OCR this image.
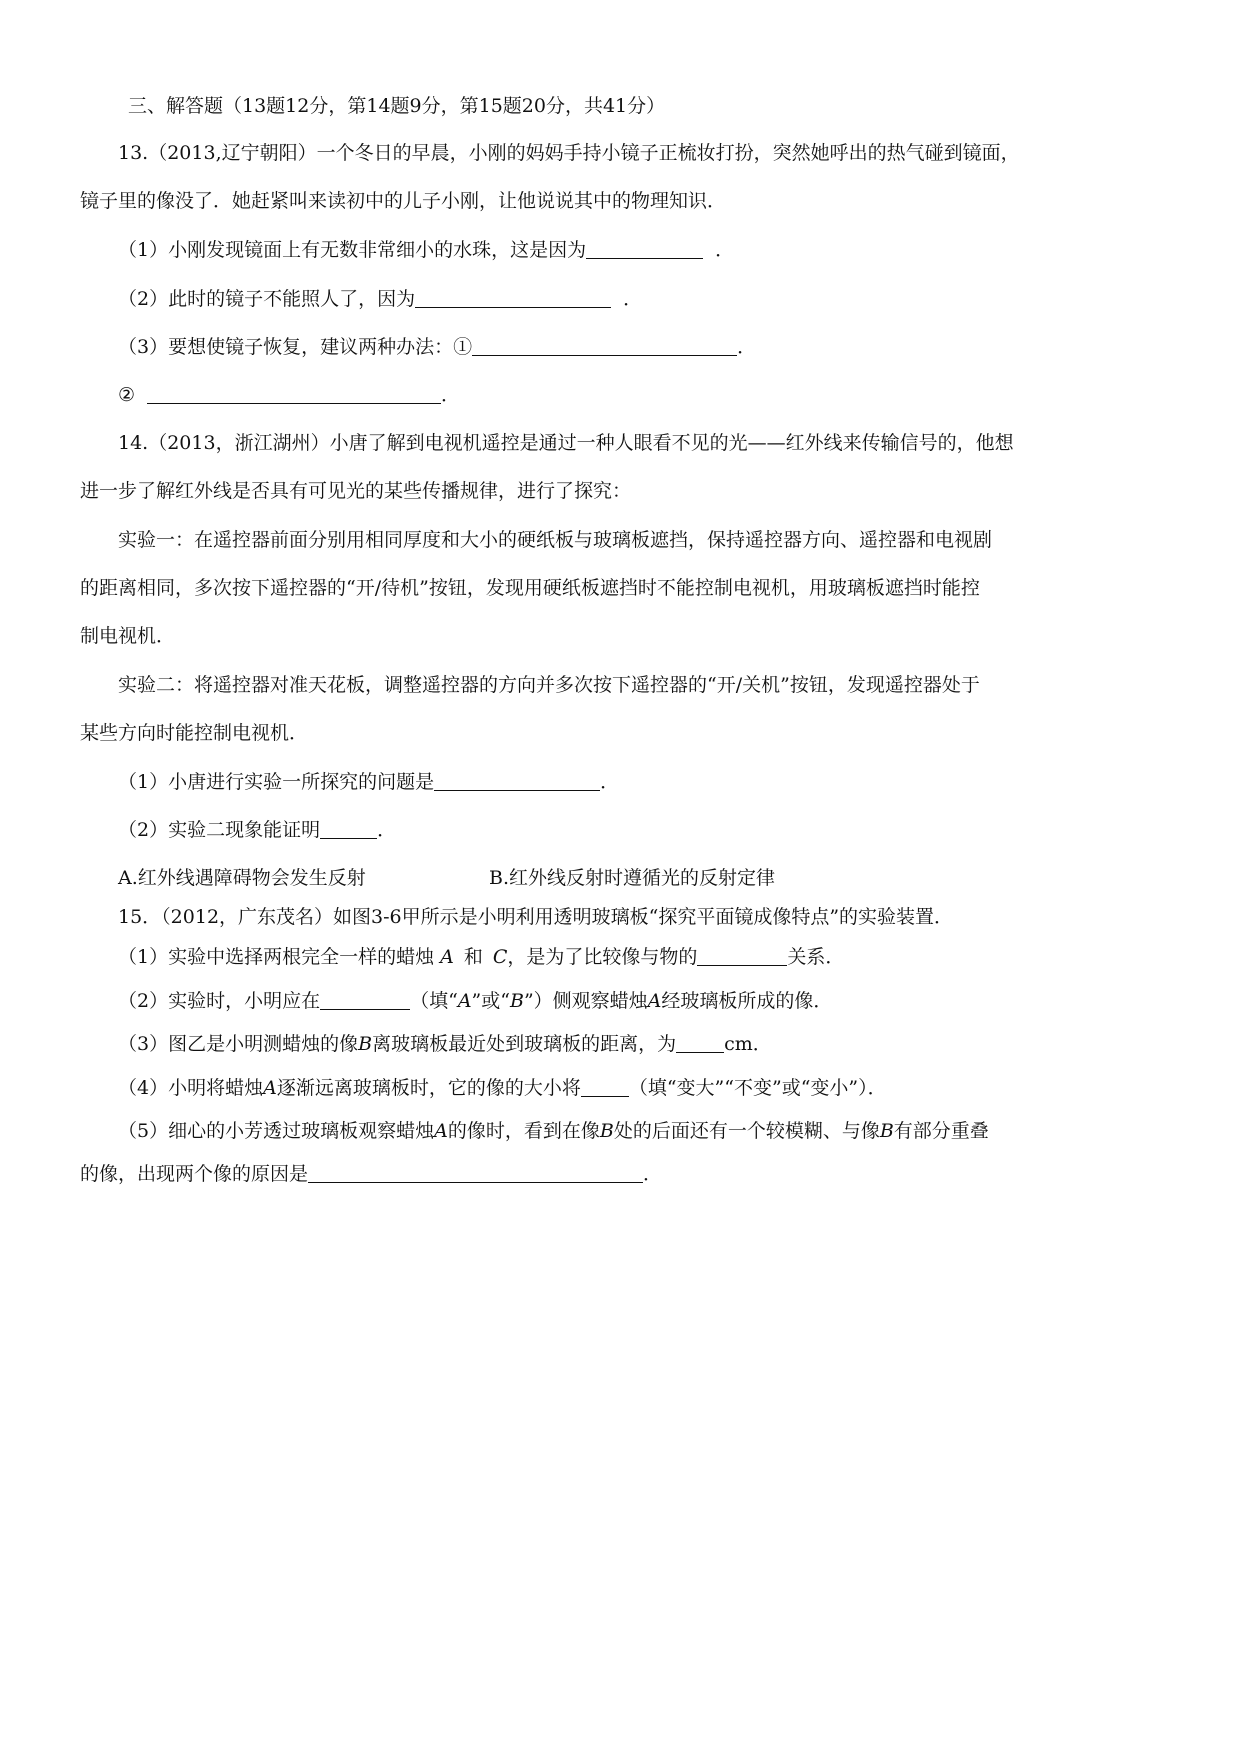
三、解答题（13题12分，第14题9分，第15题20分，共41分）
13.（2013,辽宁朝阳）一个冬日的早晨，小刚的妈妈手持小镜子正梳妆打扮，突然她呼出的热气碰到镜面，
镜子里的像没了．她赶紧叫来读初中的儿子小刚，让他说说其中的物理知识．
（1）小刚发现镜面上有无数非常细小的水珠，这是因为	．
（2）此时的镜子不能照人了，因为	．
（3）要想使镜子恢复，建议两种办法：①	．
②	．
14.（2013，浙江湖州）小唐了解到电视机遥控是通过一种人眼看不见的光——红外线来传输信号的，他想
进一步了解红外线是否具有可见光的某些传播规律，进行了探究：
实验一：在遥控器前面分别用相同厚度和大小的硬纸板与玻璃板遮挡，保持遥控器方向、遥控器和电视剧
的距离相同，多次按下遥控器的“开/待机”按钮，发现用硬纸板遮挡时不能控制电视机，用玻璃板遮挡时能控
制电视机．
实验二：将遥控器对准天花板，调整遥控器的方向并多次按下遥控器的“开/关机”按钮，发现遥控器处于
某些方向时能控制电视机．
（1）小唐进行实验一所探究的问题是	．
（2）实验二现象能证明	．
A.红外线遇障碍物会发生反射	B.红外线反射时遵循光的反射定律
15．（2012，广东茂名）如图3-6甲所示是小明利用透明玻璃板“探究平面镜成像特点”的实验装置．
（1）实验中选择两根完全一样的蜡烛 A 和 C，是为了比较像与物的	关系．
（2）实验时，小明应在	（填“A”或“B”）侧观察蜡烛A经玻璃板所成的像．
（3）图乙是小明测蜡烛的像B离玻璃板最近处到玻璃板的距离，为	cm．
（4）小明将蜡烛A逐渐远离玻璃板时，它的像的大小将	（填“变大”“不变”或“变小”）．
（5）细心的小芳透过玻璃板观察蜡烛A的像时，看到在像B处的后面还有一个较模糊、与像B有部分重叠
的像，出现两个像的原因是	．
